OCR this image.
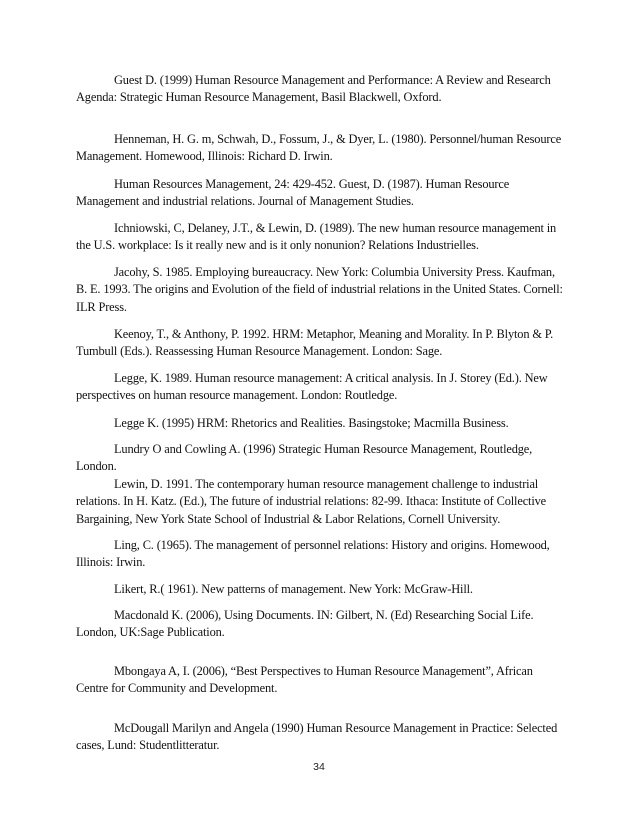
Guest D. (1999) Human Resource Management and Performance: A Review and Research Agenda: Strategic Human Resource Management, Basil Blackwell, Oxford.

Henneman, H. G. m, Schwah, D., Fossum, J., & Dyer, L. (1980). Personnel/human Resource Management. Homewood, Illinois: Richard D. Irwin.

Human Resources Management, 24: 429-452. Guest, D. (1987). Human Resource Management and industrial relations. Journal of Management Studies.

Ichniowski, C, Delaney, J.T., & Lewin, D. (1989). The new human resource management in the U.S. workplace: Is it really new and is it only nonunion? Relations Industrielles.

Jacohy, S. 1985. Employing bureaucracy. New York: Columbia University Press. Kaufman, B. E. 1993. The origins and Evolution of the field of industrial relations in the United States. Cornell: ILR Press.

Keenoy, T., & Anthony, P. 1992. HRM: Metaphor, Meaning and Morality. In P. Blyton & P. Tumbull (Eds.). Reassessing Human Resource Management. London: Sage.

Legge, K. 1989. Human resource management: A critical analysis. In J. Storey (Ed.). New perspectives on human resource management. London: Routledge.

Legge K. (1995) HRM: Rhetorics and Realities. Basingstoke; Macmilla Business.

Lundry O and Cowling A. (1996) Strategic Human Resource Management, Routledge, London.

Lewin, D. 1991. The contemporary human resource management challenge to industrial relations. In H. Katz. (Ed.), The future of industrial relations: 82-99. Ithaca: Institute of Collective Bargaining, New York State School of Industrial & Labor Relations, Cornell University.

Ling, C. (1965). The management of personnel relations: History and origins. Homewood, Illinois: Irwin.

Likert, R.( 1961). New patterns of management. New York: McGraw-Hill.

Macdonald K. (2006), Using Documents. IN: Gilbert, N. (Ed) Researching Social Life. London, UK:Sage Publication.

Mbongaya A, I. (2006), “Best Perspectives to Human Resource Management”, African Centre for Community and Development.

McDougall Marilyn and Angela (1990) Human Resource Management in Practice: Selected cases, Lund: Studentlitteratur.

34
